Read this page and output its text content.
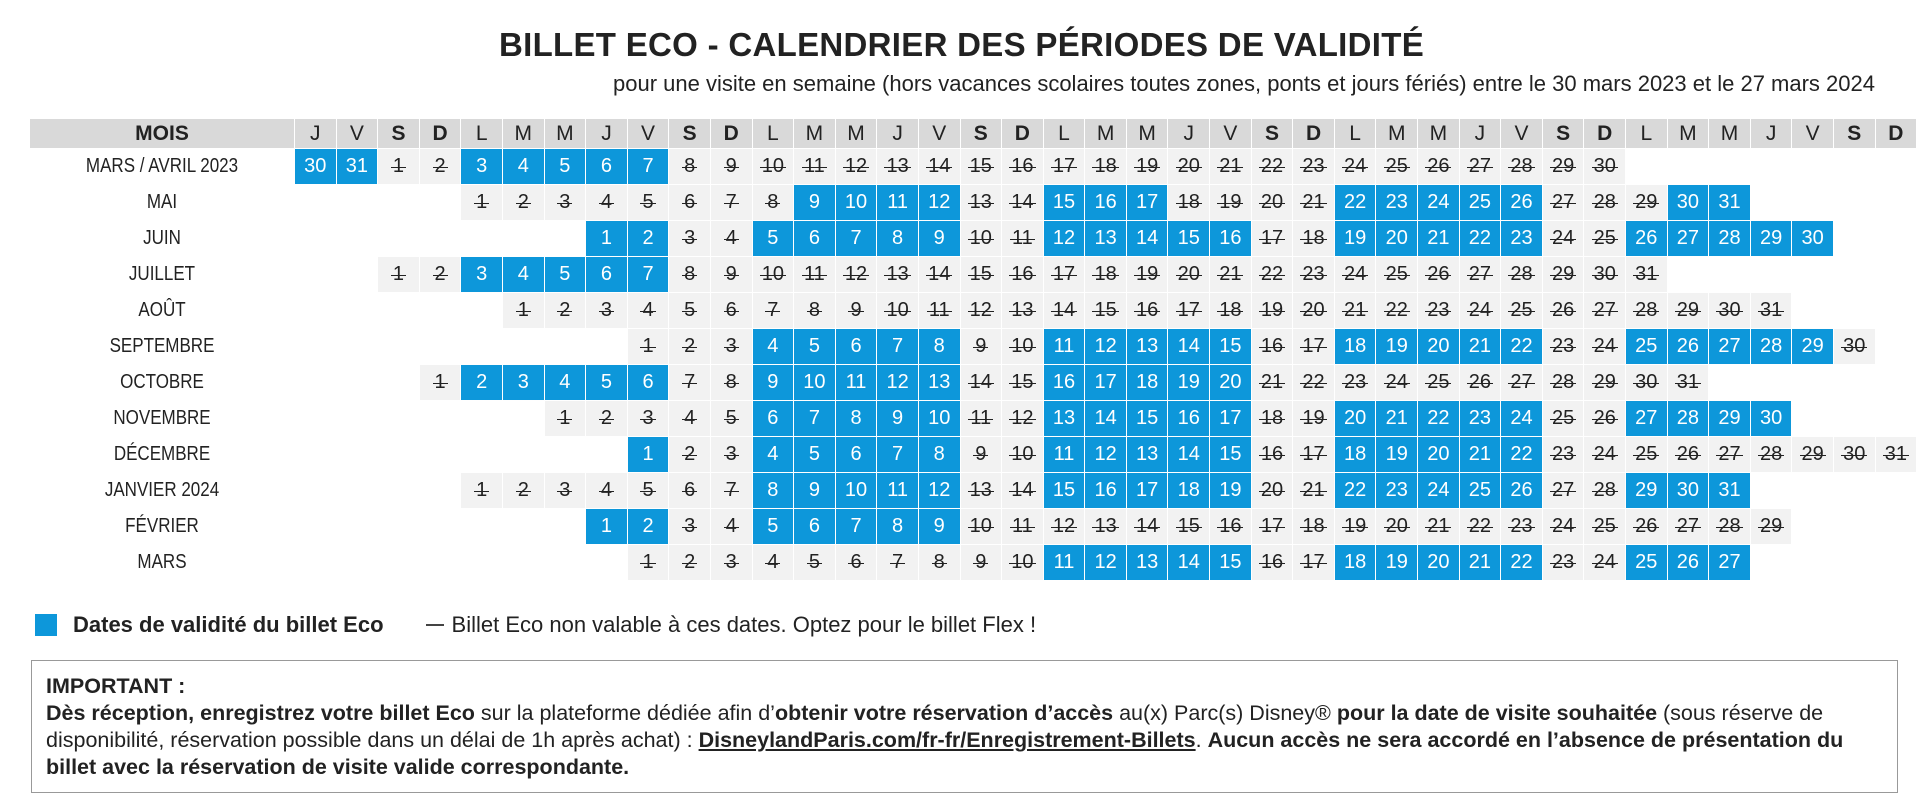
BILLET ECO - CALENDRIER DES PÉRIODES DE VALIDITÉ
pour une visite en semaine (hors vacances scolaires toutes zones, ponts et jours fériés) entre le 30 mars 2023 et le 27 mars 2024
MOIS	J	V	S	D	L	M	M	J	V	S	D	L	M	M	J	V	S	D	L	M	M	J	V	S	D	L	M	M	J	V	S	D	L	M	M	J	V	S	D
MARS / AVRIL 2023	30	31	1	2	3	4	5	6	7	8	9	10	11	12	13	14	15	16	17	18	19	20	21	22	23	24	25	26	27	28	29	30							
MAI					1	2	3	4	5	6	7	8	9	10	11	12	13	14	15	16	17	18	19	20	21	22	23	24	25	26	27	28	29	30	31				
JUIN								1	2	3	4	5	6	7	8	9	10	11	12	13	14	15	16	17	18	19	20	21	22	23	24	25	26	27	28	29	30		
JUILLET			1	2	3	4	5	6	7	8	9	10	11	12	13	14	15	16	17	18	19	20	21	22	23	24	25	26	27	28	29	30	31						
AOÛT						1	2	3	4	5	6	7	8	9	10	11	12	13	14	15	16	17	18	19	20	21	22	23	24	25	26	27	28	29	30	31			
SEPTEMBRE									1	2	3	4	5	6	7	8	9	10	11	12	13	14	15	16	17	18	19	20	21	22	23	24	25	26	27	28	29	30	
OCTOBRE				1	2	3	4	5	6	7	8	9	10	11	12	13	14	15	16	17	18	19	20	21	22	23	24	25	26	27	28	29	30	31					
NOVEMBRE							1	2	3	4	5	6	7	8	9	10	11	12	13	14	15	16	17	18	19	20	21	22	23	24	25	26	27	28	29	30			
DÉCEMBRE									1	2	3	4	5	6	7	8	9	10	11	12	13	14	15	16	17	18	19	20	21	22	23	24	25	26	27	28	29	30	31
JANVIER 2024					1	2	3	4	5	6	7	8	9	10	11	12	13	14	15	16	17	18	19	20	21	22	23	24	25	26	27	28	29	30	31				
FÉVRIER								1	2	3	4	5	6	7	8	9	10	11	12	13	14	15	16	17	18	19	20	21	22	23	24	25	26	27	28	29			
MARS									1	2	3	4	5	6	7	8	9	10	11	12	13	14	15	16	17	18	19	20	21	22	23	24	25	26	27				
Dates de validité du billet Eco	Billet Eco non valable à ces dates. Optez pour le billet Flex !
IMPORTANT :
Dès réception, enregistrez votre billet Eco sur la plateforme dédiée afin d’obtenir votre réservation d’accès au(x) Parc(s) Disney® pour la date de visite souhaitée (sous réserve de disponibilité, réservation possible dans un délai de 1h après achat) : DisneylandParis.com/fr-fr/Enregistrement-Billets. Aucun accès ne sera accordé en l’absence de présentation du billet avec la réservation de visite valide correspondante.
